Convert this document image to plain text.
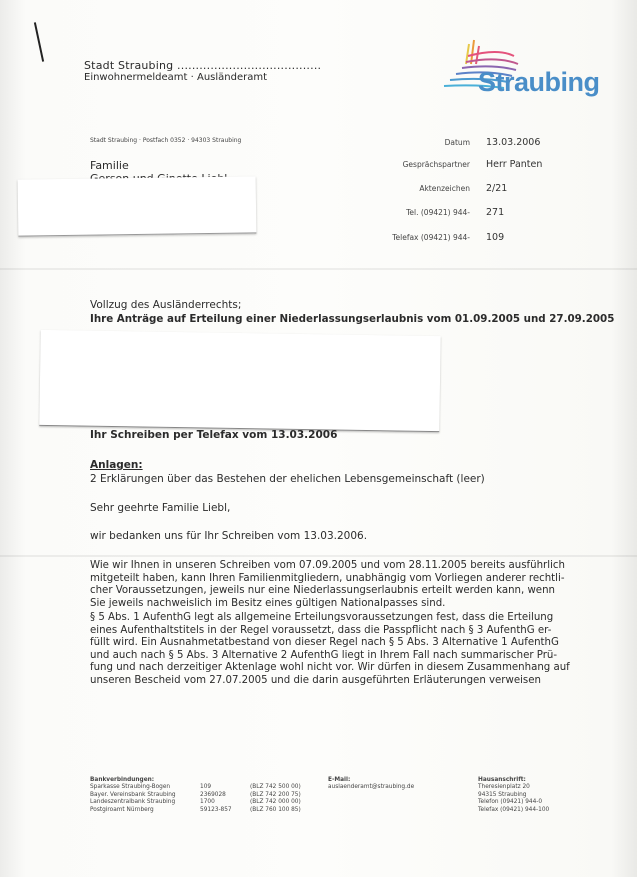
Stadt Straubing .......................................
Einwohnermeldeamt · Ausländeramt	Straubing
Stadt Straubing · Postfach 0352 · 94303 Straubing
Familie
Datum 13.03.2006
Gesprächspartner Herr Panten
Aktenzeichen 2/21
Tel. (09421) 944- 271
Telefax (09421) 944- 109
Vollzug des Ausländerrechts;
Ihre Anträge auf Erteilung einer Niederlassungserlaubnis vom 01.09.2005 und 27.09.2005
Ihr Schreiben per Telefax vom 13.03.2006
Anlagen:
2 Erklärungen über das Bestehen der ehelichen Lebensgemeinschaft (leer)
Sehr geehrte Familie Liebl,
wir bedanken uns für Ihr Schreiben vom 13.03.2006.
Wie wir Ihnen in unseren Schreiben vom 07.09.2005 und vom 28.11.2005 bereits ausführlich
mitgeteilt haben, kann Ihren Familienmitgliedern, unabhängig vom Vorliegen anderer rechtli-
cher Voraussetzungen, jeweils nur eine Niederlassungserlaubnis erteilt werden kann, wenn
Sie jeweils nachweislich im Besitz eines gültigen Nationalpasses sind.
§ 5 Abs. 1 AufenthG legt als allgemeine Erteilungsvoraussetzungen fest, dass die Erteilung
eines Aufenthaltstitels in der Regel voraussetzt, dass die Passpflicht nach § 3 AufenthG er-
füllt wird. Ein Ausnahmetatbestand von dieser Regel nach § 5 Abs. 3 Alternative 1 AufenthG
und auch nach § 5 Abs. 3 Alternative 2 AufenthG liegt in Ihrem Fall nach summarischer Prü-
fung und nach derzeitiger Aktenlage wohl nicht vor. Wir dürfen in diesem Zusammenhang auf
unseren Bescheid vom 27.07.2005 und die darin ausgeführten Erläuterungen verweisen
Bankverbindungen:
Sparkasse Straubing-Bogen
Bayer. Vereinsbank Straubing
Landeszentralbank Straubing
Postgiroamt Nürnberg
109
2369028
1700
59123-857
(BLZ 742 500 00)
(BLZ 742 200 75)
(BLZ 742 000 00)
(BLZ 760 100 85)
E-Mail:
auslaenderamt@straubing.de
Hausanschrift:
Theresienplatz 20
94315 Straubing
Telefon (09421) 944-0
Telefax (09421) 944-100
